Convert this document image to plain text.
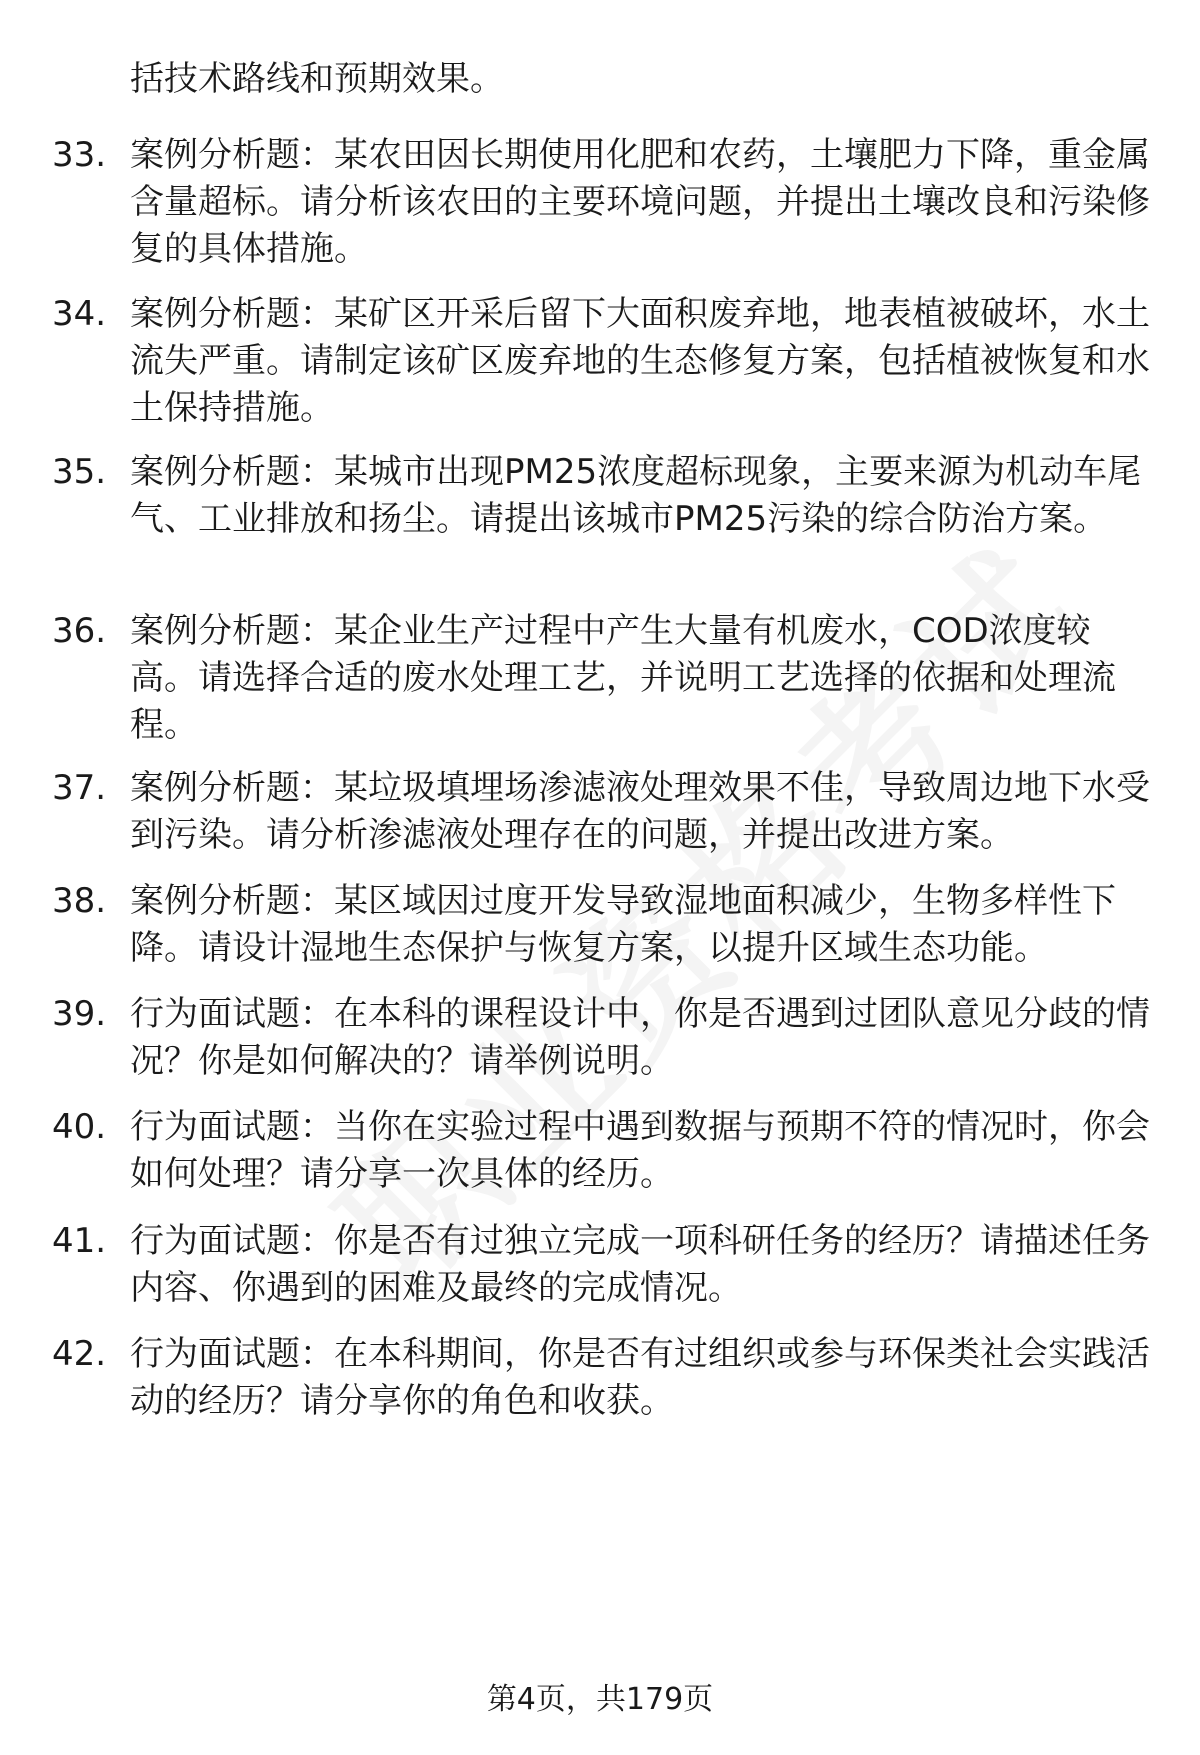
括技术路线和预期效果。
33. 案例分析题：某农田因长期使用化肥和农药，土壤肥力下降，重金属含量超标。请分析该农田的主要环境问题，并提出土壤改良和污染修复的具体措施。
34. 案例分析题：某矿区开采后留下大面积废弃地，地表植被破坏，水土流失严重。请制定该矿区废弃地的生态修复方案，包括植被恢复和水土保持措施。
35. 案例分析题：某城市出现PM25浓度超标现象，主要来源为机动车尾气、工业排放和扬尘。请提出该城市PM25污染的综合防治方案。
36. 案例分析题：某企业生产过程中产生大量有机废水，COD浓度较高。请选择合适的废水处理工艺，并说明工艺选择的依据和处理流程。
37. 案例分析题：某垃圾填埋场渗滤液处理效果不佳，导致周边地下水受到污染。请分析渗滤液处理存在的问题，并提出改进方案。
38. 案例分析题：某区域因过度开发导致湿地面积减少，生物多样性下降。请设计湿地生态保护与恢复方案，以提升区域生态功能。
39. 行为面试题：在本科的课程设计中，你是否遇到过团队意见分歧的情况？你是如何解决的？请举例说明。
40. 行为面试题：当你在实验过程中遇到数据与预期不符的情况时，你会如何处理？请分享一次具体的经历。
41. 行为面试题：你是否有过独立完成一项科研任务的经历？请描述任务内容、你遇到的困难及最终的完成情况。
42. 行为面试题：在本科期间，你是否有过组织或参与环保类社会实践活动的经历？请分享你的角色和收获。
第4页，共179页
